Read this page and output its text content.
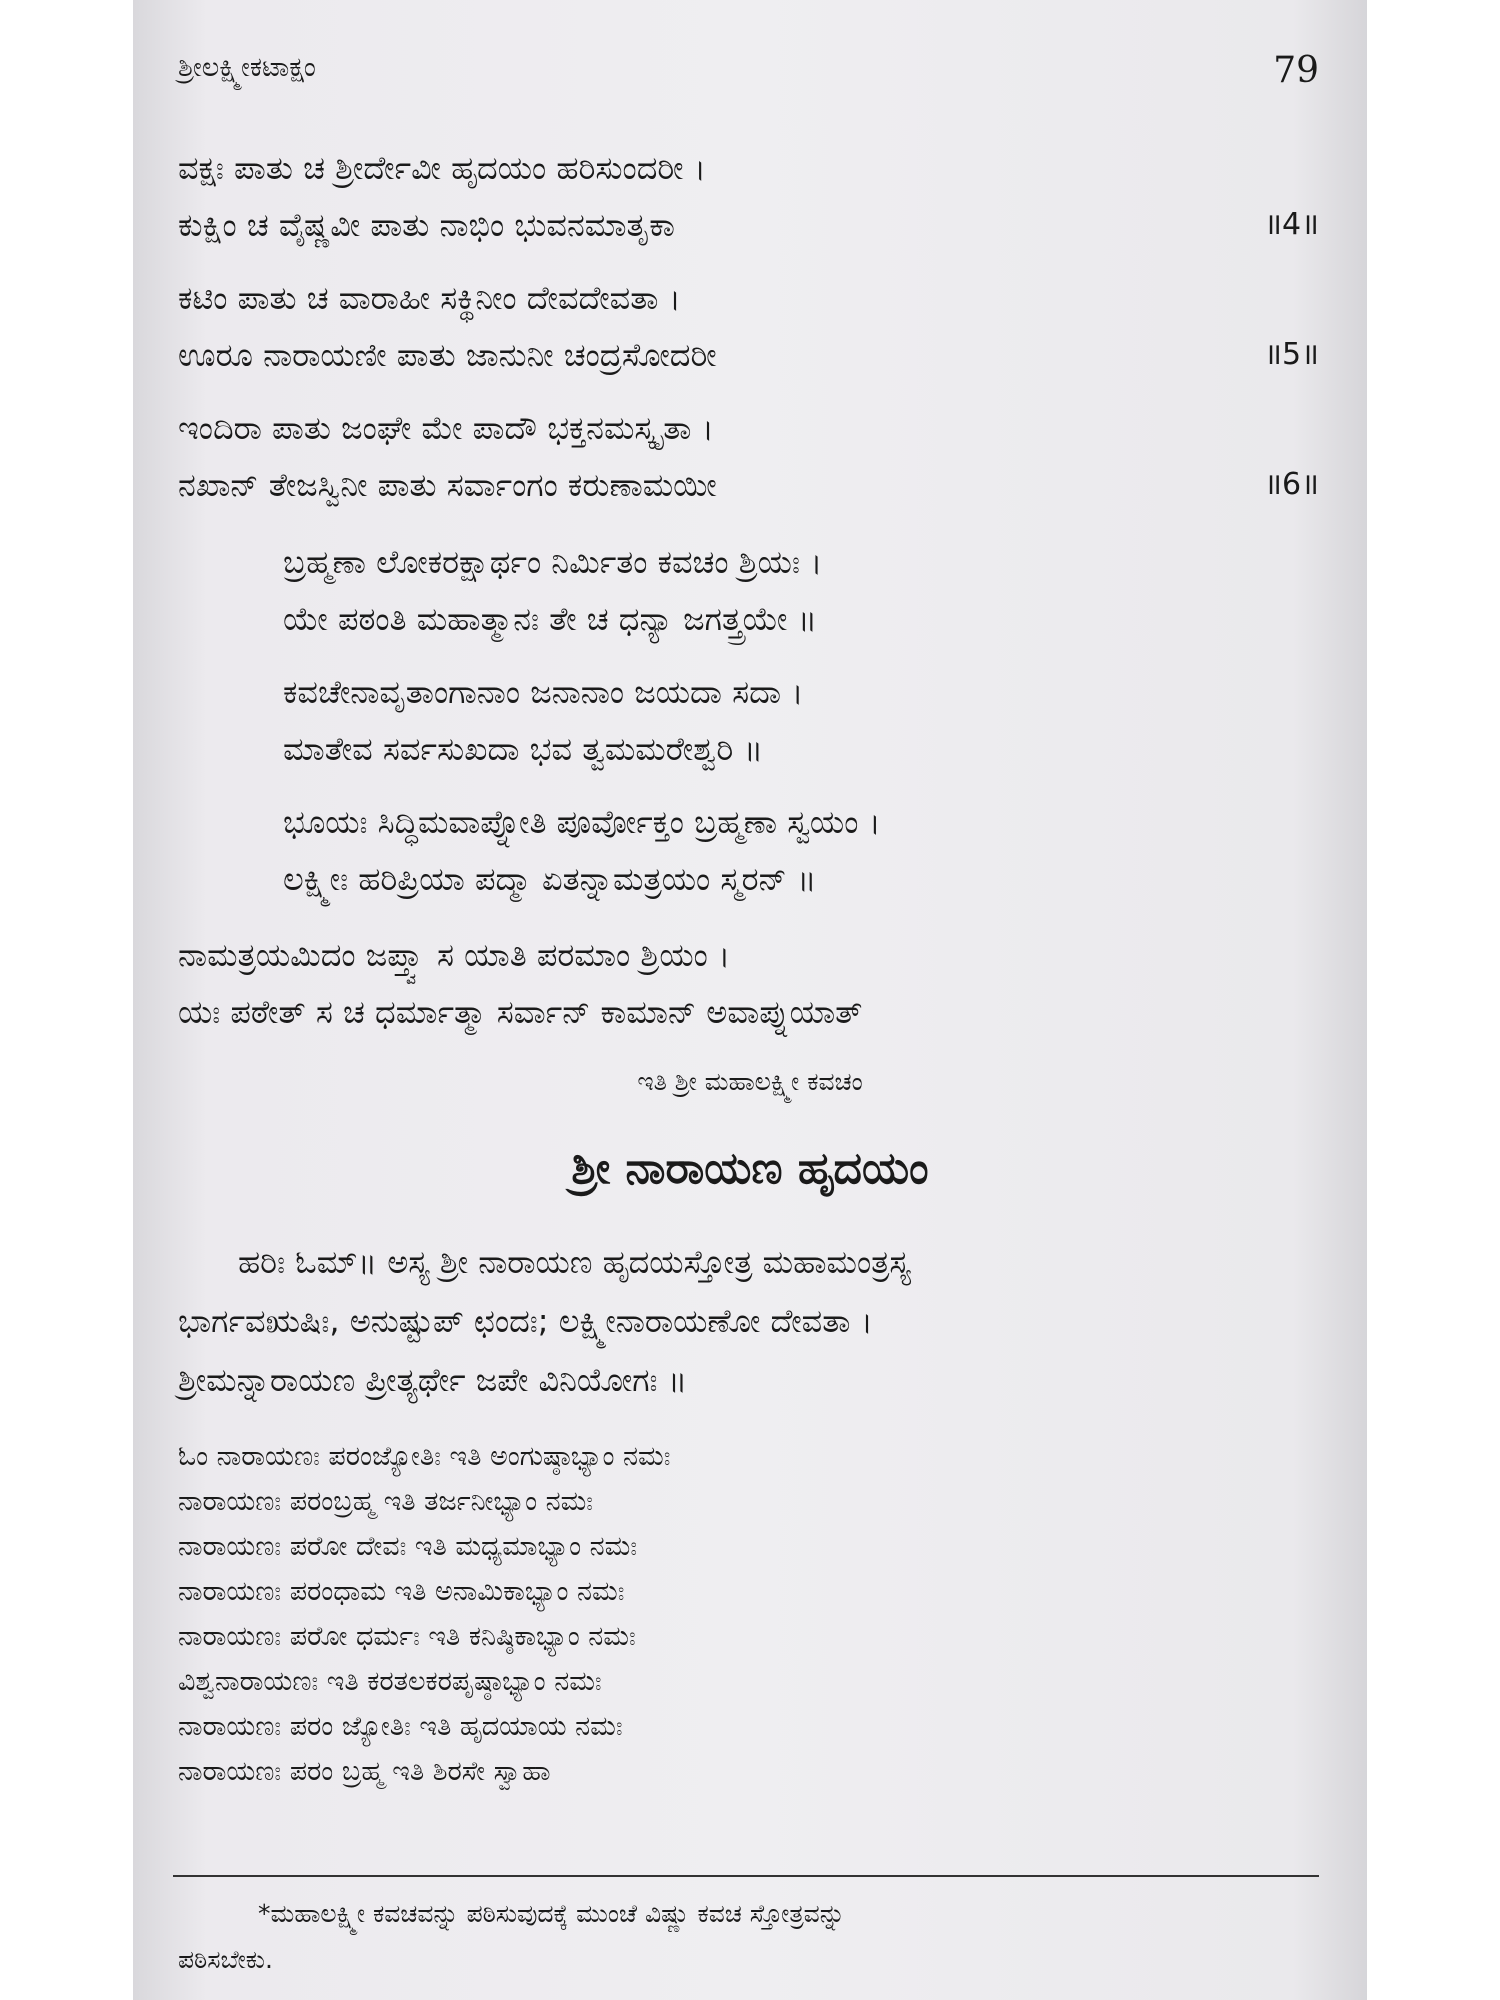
ಶ್ರೀಲಕ್ಷ್ಮೀಕಟಾಕ್ಷಂ	79
ವಕ್ಷಃ ಪಾತು ಚ ಶ್ರೀರ್ದೇವೀ ಹೃದಯಂ ಹರಿಸುಂದರೀ ।
ಕುಕ್ಷಿಂ ಚ ವೈಷ್ಣವೀ ಪಾತು ನಾಭಿಂ ಭುವನಮಾತೃಕಾ	॥4॥
ಕಟಿಂ ಪಾತು ಚ ವಾರಾಹೀ ಸಕ್ಥಿನೀಂ ದೇವದೇವತಾ ।
ಊರೂ ನಾರಾಯಣೀ ಪಾತು ಜಾನುನೀ ಚಂದ್ರಸೋದರೀ	॥5॥
ಇಂದಿರಾ ಪಾತು ಜಂಘೇ ಮೇ ಪಾದೌ ಭಕ್ತನಮಸ್ಕೃತಾ ।
ನಖಾನ್ ತೇಜಸ್ವಿನೀ ಪಾತು ಸರ್ವಾಂಗಂ ಕರುಣಾಮಯೀ	॥6॥
ಬ್ರಹ್ಮಣಾ ಲೋಕರಕ್ಷಾರ್ಥಂ ನಿರ್ಮಿತಂ ಕವಚಂ ಶ್ರಿಯಃ ।
ಯೇ ಪಠಂತಿ ಮಹಾತ್ಮಾನಃ ತೇ ಚ ಧನ್ಯಾ ಜಗತ್ತ್ರಯೇ ॥
ಕವಚೇನಾವೃತಾಂಗಾನಾಂ ಜನಾನಾಂ ಜಯದಾ ಸದಾ ।
ಮಾತೇವ ಸರ್ವಸುಖದಾ ಭವ ತ್ವಮಮರೇಶ್ವರಿ ॥
ಭೂಯಃ ಸಿದ್ಧಿಮವಾಪ್ನೋತಿ ಪೂರ್ವೋಕ್ತಂ ಬ್ರಹ್ಮಣಾ ಸ್ವಯಂ ।
ಲಕ್ಷ್ಮೀಃ ಹರಿಪ್ರಿಯಾ ಪದ್ಮಾ ಏತನ್ನಾಮತ್ರಯಂ ಸ್ಮರನ್ ॥
ನಾಮತ್ರಯಮಿದಂ ಜಪ್ತ್ವಾ ಸ ಯಾತಿ ಪರಮಾಂ ಶ್ರಿಯಂ ।
ಯಃ ಪಠೇತ್ ಸ ಚ ಧರ್ಮಾತ್ಮಾ ಸರ್ವಾನ್ ಕಾಮಾನ್ ಅವಾಪ್ನುಯಾತ್
ಇತಿ ಶ್ರೀ ಮಹಾಲಕ್ಷ್ಮೀ ಕವಚಂ
ಶ್ರೀ ನಾರಾಯಣ ಹೃದಯಂ
ಹರಿಃ ಓಮ್॥ ಅಸ್ಯ ಶ್ರೀ ನಾರಾಯಣ ಹೃದಯಸ್ತೋತ್ರ ಮಹಾಮಂತ್ರಸ್ಯ
ಭಾರ್ಗವಋಷಿಃ, ಅನುಷ್ಟುಪ್ ಛಂದಃ; ಲಕ್ಷ್ಮೀನಾರಾಯಣೋ ದೇವತಾ ।
ಶ್ರೀಮನ್ನಾರಾಯಣ ಪ್ರೀತ್ಯರ್ಥೇ ಜಪೇ ವಿನಿಯೋಗಃ ॥
ಓಂ ನಾರಾಯಣಃ ಪರಂಜ್ಯೋತಿಃ ಇತಿ ಅಂಗುಷ್ಠಾಭ್ಯಾಂ ನಮಃ
ನಾರಾಯಣಃ ಪರಂಬ್ರಹ್ಮ ಇತಿ ತರ್ಜನೀಭ್ಯಾಂ ನಮಃ
ನಾರಾಯಣಃ ಪರೋ ದೇವಃ ಇತಿ ಮಧ್ಯಮಾಭ್ಯಾಂ ನಮಃ
ನಾರಾಯಣಃ ಪರಂಧಾಮ ಇತಿ ಅನಾಮಿಕಾಭ್ಯಾಂ ನಮಃ
ನಾರಾಯಣಃ ಪರೋ ಧರ್ಮಃ ಇತಿ ಕನಿಷ್ಠಿಕಾಭ್ಯಾಂ ನಮಃ
ವಿಶ್ವನಾರಾಯಣಃ ಇತಿ ಕರತಲಕರಪೃಷ್ಠಾಭ್ಯಾಂ ನಮಃ
ನಾರಾಯಣಃ ಪರಂ ಜ್ಯೋತಿಃ ಇತಿ ಹೃದಯಾಯ ನಮಃ
ನಾರಾಯಣಃ ಪರಂ ಬ್ರಹ್ಮ ಇತಿ ಶಿರಸೇ ಸ್ವಾಹಾ
*ಮಹಾಲಕ್ಷ್ಮೀ ಕವಚವನ್ನು ಪಠಿಸುವುದಕ್ಕೆ ಮುಂಚೆ ವಿಷ್ಣು ಕವಚ ಸ್ತೋತ್ರವನ್ನು
ಪಠಿಸಬೇಕು.
